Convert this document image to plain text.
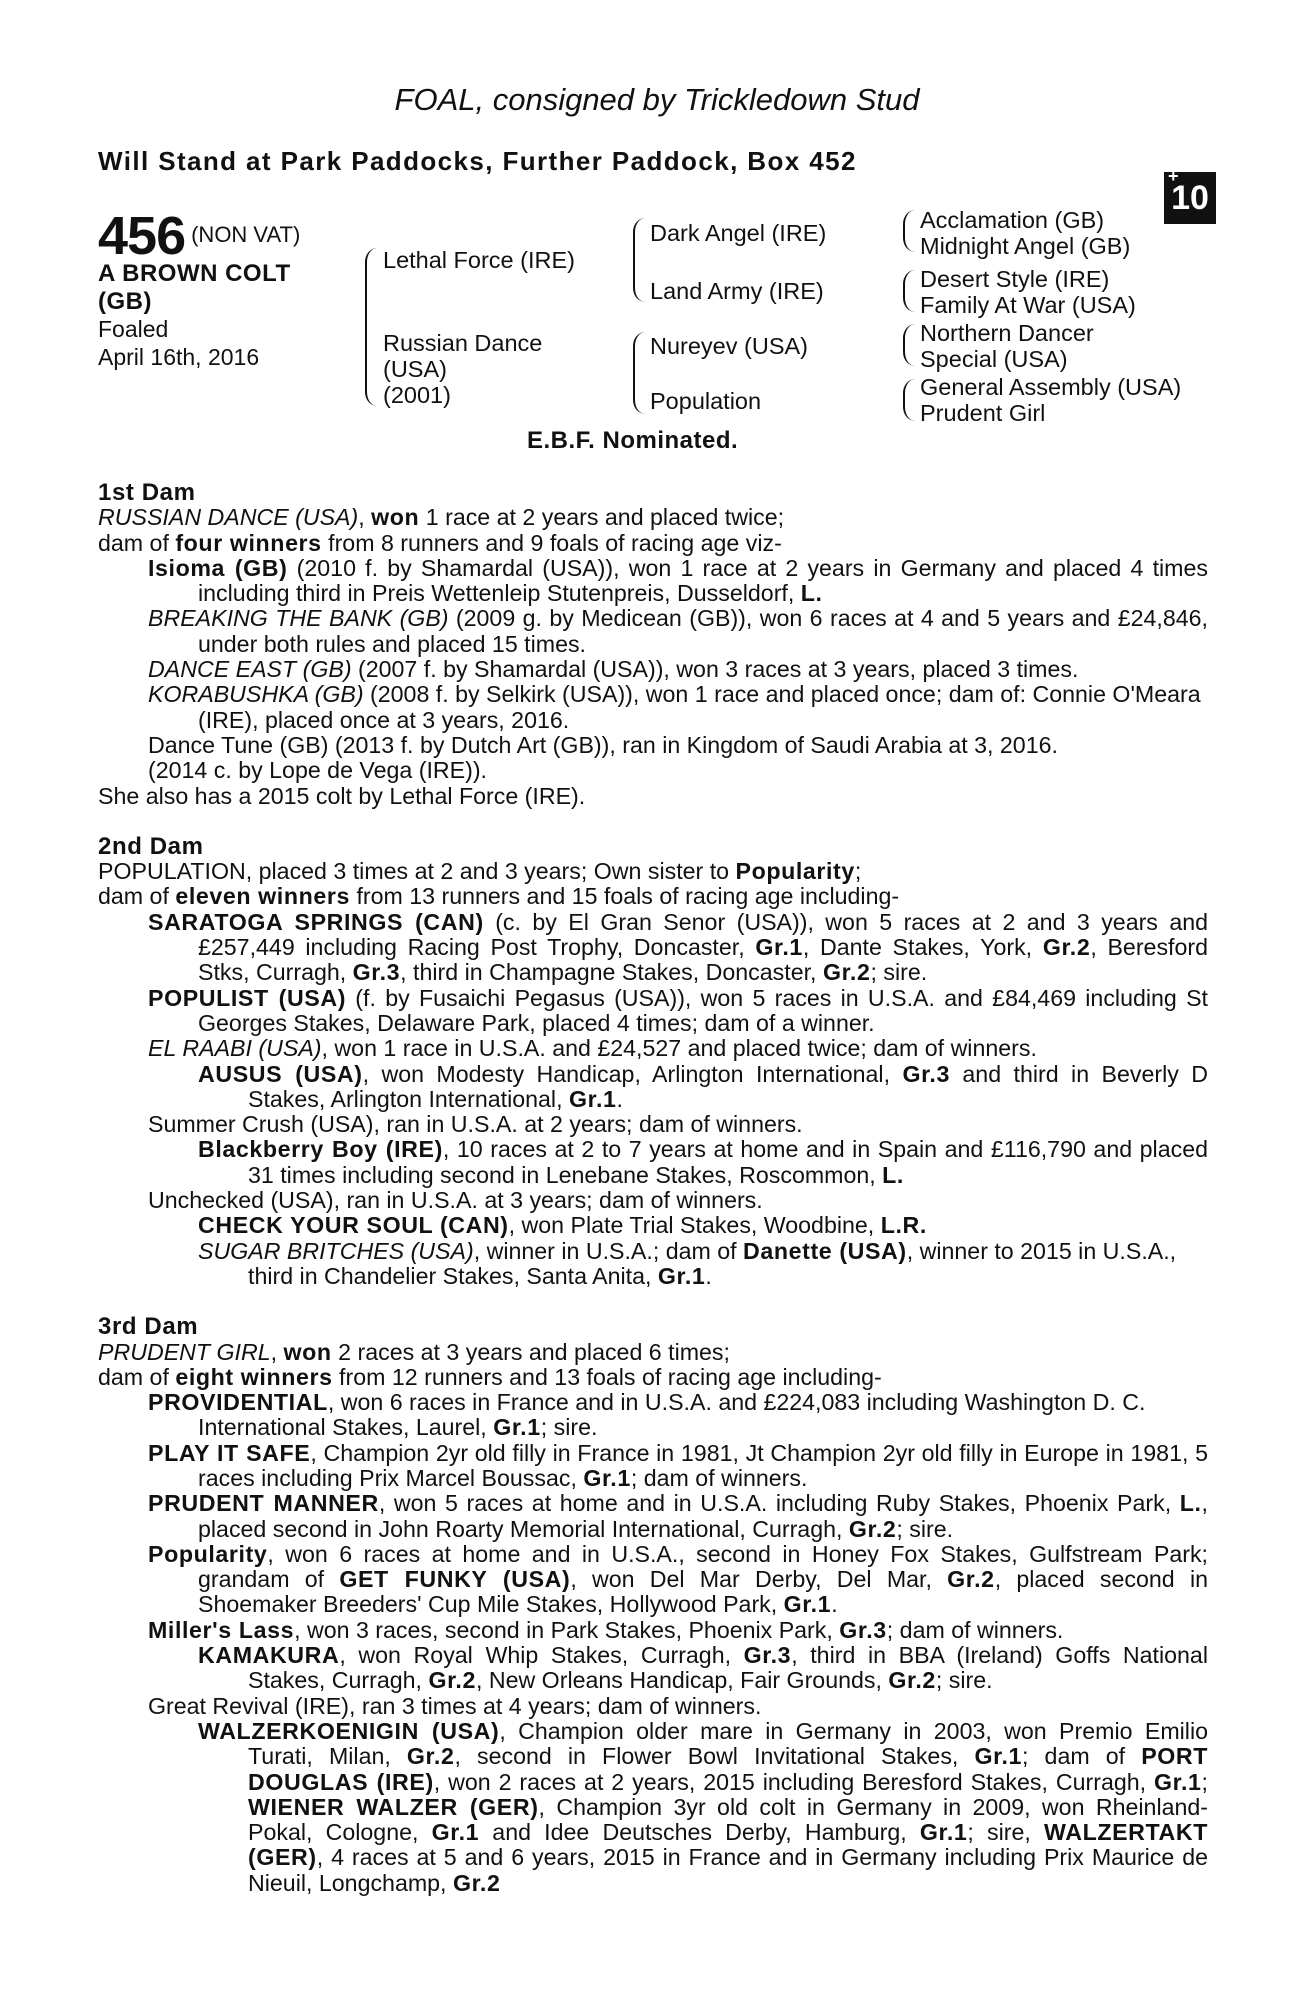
FOAL, consigned by Trickledown Stud
Will Stand at Park Paddocks, Further Paddock, Box 452	+
10
456 (NON VAT)
A BROWN COLT
(GB)
Foaled
April 16th, 2016
Lethal Force (IRE)
Russian Dance
(USA)
(2001)
Dark Angel (IRE)
Land Army (IRE)
Nureyev (USA)
Population
Acclamation (GB)
Midnight Angel (GB)
Desert Style (IRE)
Family At War (USA)
Northern Dancer
Special (USA)
General Assembly (USA)
Prudent Girl
E.B.F. Nominated.
1st Dam
RUSSIAN DANCE (USA), won 1 race at 2 years and placed twice;
dam of four winners from 8 runners and 9 foals of racing age viz-
Isioma (GB) (2010 f. by Shamardal (USA)), won 1 race at 2 years in Germany and placed 4 times including third in Preis Wettenleip Stutenpreis, Dusseldorf, L.
BREAKING THE BANK (GB) (2009 g. by Medicean (GB)), won 6 races at 4 and 5 years and £24,846, under both rules and placed 15 times.
DANCE EAST (GB) (2007 f. by Shamardal (USA)), won 3 races at 3 years, placed 3 times.
KORABUSHKA (GB) (2008 f. by Selkirk (USA)), won 1 race and placed once; dam of: Connie O'Meara (IRE), placed once at 3 years, 2016.
Dance Tune (GB) (2013 f. by Dutch Art (GB)), ran in Kingdom of Saudi Arabia at 3, 2016.
(2014 c. by Lope de Vega (IRE)).
She also has a 2015 colt by Lethal Force (IRE).
2nd Dam
POPULATION, placed 3 times at 2 and 3 years; Own sister to Popularity;
dam of eleven winners from 13 runners and 15 foals of racing age including-
SARATOGA SPRINGS (CAN) (c. by El Gran Senor (USA)), won 5 races at 2 and 3 years and £257,449 including Racing Post Trophy, Doncaster, Gr.1, Dante Stakes, York, Gr.2, Beresford Stks, Curragh, Gr.3, third in Champagne Stakes, Doncaster, Gr.2; sire.
POPULIST (USA) (f. by Fusaichi Pegasus (USA)), won 5 races in U.S.A. and £84,469 including St Georges Stakes, Delaware Park, placed 4 times; dam of a winner.
EL RAABI (USA), won 1 race in U.S.A. and £24,527 and placed twice; dam of winners.
AUSUS (USA), won Modesty Handicap, Arlington International, Gr.3 and third in Beverly D Stakes, Arlington International, Gr.1.
Summer Crush (USA), ran in U.S.A. at 2 years; dam of winners.
Blackberry Boy (IRE), 10 races at 2 to 7 years at home and in Spain and £116,790 and placed 31 times including second in Lenebane Stakes, Roscommon, L.
Unchecked (USA), ran in U.S.A. at 3 years; dam of winners.
CHECK YOUR SOUL (CAN), won Plate Trial Stakes, Woodbine, L.R.
SUGAR BRITCHES (USA), winner in U.S.A.; dam of Danette (USA), winner to 2015 in U.S.A., third in Chandelier Stakes, Santa Anita, Gr.1.
3rd Dam
PRUDENT GIRL, won 2 races at 3 years and placed 6 times;
dam of eight winners from 12 runners and 13 foals of racing age including-
PROVIDENTIAL, won 6 races in France and in U.S.A. and £224,083 including Washington D. C. International Stakes, Laurel, Gr.1; sire.
PLAY IT SAFE, Champion 2yr old filly in France in 1981, Jt Champion 2yr old filly in Europe in 1981, 5 races including Prix Marcel Boussac, Gr.1; dam of winners.
PRUDENT MANNER, won 5 races at home and in U.S.A. including Ruby Stakes, Phoenix Park, L., placed second in John Roarty Memorial International, Curragh, Gr.2; sire.
Popularity, won 6 races at home and in U.S.A., second in Honey Fox Stakes, Gulfstream Park; grandam of GET FUNKY (USA), won Del Mar Derby, Del Mar, Gr.2, placed second in Shoemaker Breeders' Cup Mile Stakes, Hollywood Park, Gr.1.
Miller's Lass, won 3 races, second in Park Stakes, Phoenix Park, Gr.3; dam of winners.
KAMAKURA, won Royal Whip Stakes, Curragh, Gr.3, third in BBA (Ireland) Goffs National Stakes, Curragh, Gr.2, New Orleans Handicap, Fair Grounds, Gr.2; sire.
Great Revival (IRE), ran 3 times at 4 years; dam of winners.
WALZERKOENIGIN (USA), Champion older mare in Germany in 2003, won Premio Emilio Turati, Milan, Gr.2, second in Flower Bowl Invitational Stakes, Gr.1; dam of PORT DOUGLAS (IRE), won 2 races at 2 years, 2015 including Beresford Stakes, Curragh, Gr.1; WIENER WALZER (GER), Champion 3yr old colt in Germany in 2009, won Rheinland-Pokal, Cologne, Gr.1 and Idee Deutsches Derby, Hamburg, Gr.1; sire, WALZERTAKT (GER), 4 races at 5 and 6 years, 2015 in France and in Germany including Prix Maurice de Nieuil, Longchamp, Gr.2
